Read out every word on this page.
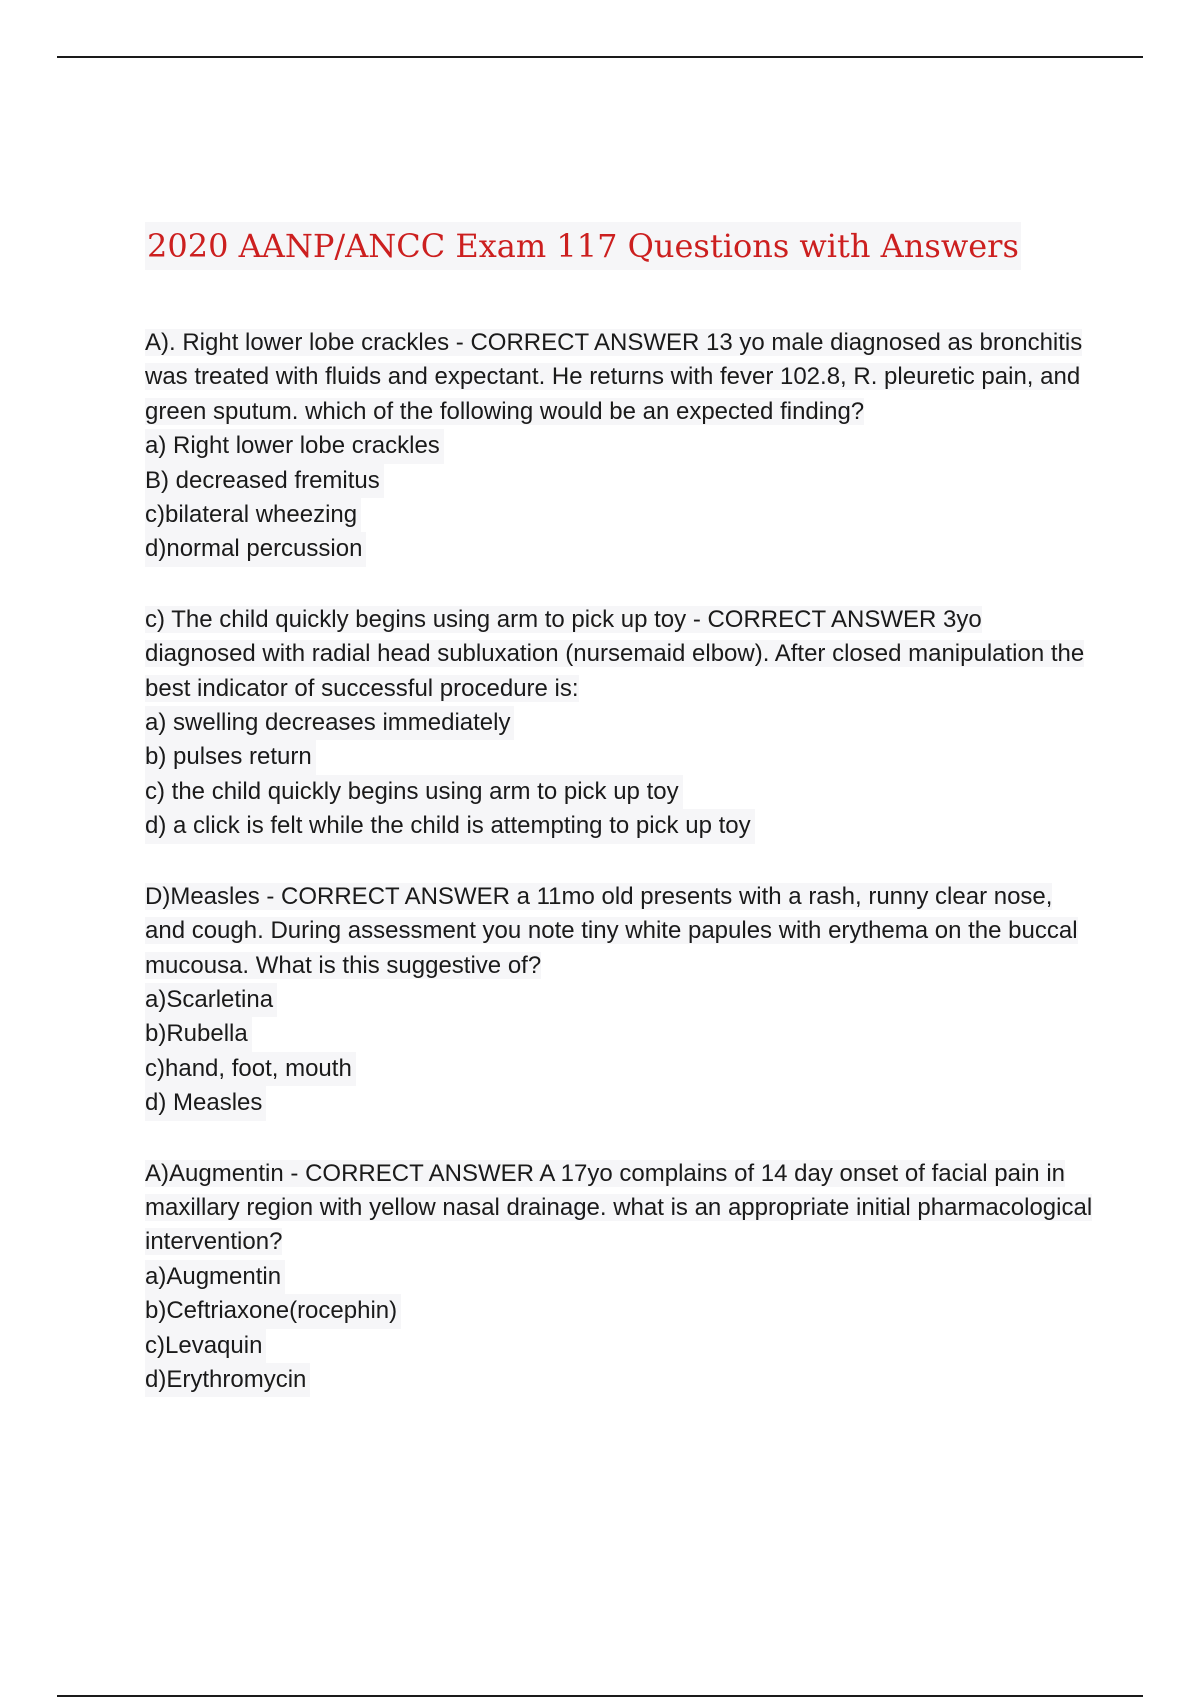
2020 AANP/ANCC Exam 117 Questions with Answers
A). Right lower lobe crackles - CORRECT ANSWER 13 yo male diagnosed as bronchitis was treated with fluids and expectant. He returns with fever 102.8, R. pleuretic pain, and green sputum. which of the following would be an expected finding?
a) Right lower lobe crackles
B) decreased fremitus
c)bilateral wheezing
d)normal percussion
c) The child quickly begins using arm to pick up toy - CORRECT ANSWER 3yo diagnosed with radial head subluxation (nursemaid elbow). After closed manipulation the best indicator of successful procedure is:
a) swelling decreases immediately
b) pulses return
c) the child quickly begins using arm to pick up toy
d) a click is felt while the child is attempting to pick up toy
D)Measles - CORRECT ANSWER a 11mo old presents with a rash, runny clear nose, and cough. During assessment you note tiny white papules with erythema on the buccal mucousa. What is this suggestive of?
a)Scarletina
b)Rubella
c)hand, foot, mouth
d) Measles
A)Augmentin - CORRECT ANSWER A 17yo complains of 14 day onset of facial pain in maxillary region with yellow nasal drainage. what is an appropriate initial pharmacological intervention?
a)Augmentin
b)Ceftriaxone(rocephin)
c)Levaquin
d)Erythromycin
